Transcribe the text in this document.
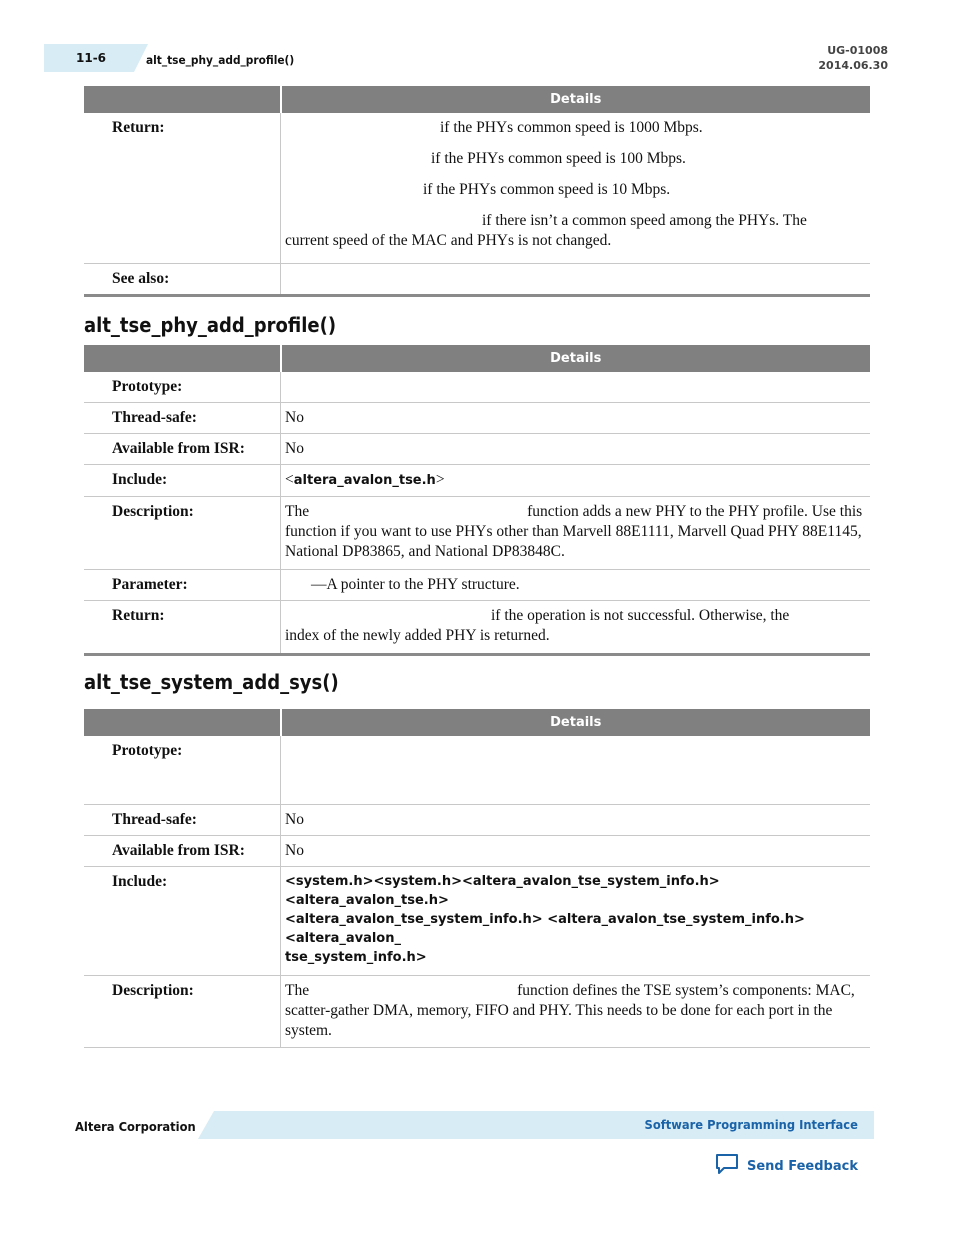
11-6	alt_tse_phy_add_profile()
UG-01008
2014.06.30
	Details
Return:	if the PHYs common speed is 1000 Mbps.
if the PHYs common speed is 100 Mbps.
if the PHYs common speed is 10 Mbps.
if there isn’t a common speed among the PHYs. The
current speed of the MAC and PHYs is not changed.

See also:	
alt_tse_phy_add_profile()
	Details
Prototype:	
Thread-safe:	No
Available from ISR:	No
Include:	<altera_avalon_tse.h>
Description:	The function adds a new PHY to the PHY profile. Use this function if you want to use PHYs other than Marvell 88E1111, Marvell Quad PHY 88E1145, National DP83865, and National DP83848C.
Parameter:	—A pointer to the PHY structure.
Return:	if the operation is not successful. Otherwise, the
index of the newly added PHY is returned.
alt_tse_system_add_sys()
	Details
Prototype:	
Thread-safe:	No
Available from ISR:	No
Include:	<system.h><system.h><altera_avalon_tse_system_info.h> <altera_avalon_tse.h>
<altera_avalon_tse_system_info.h> <altera_avalon_tse_system_info.h><altera_avalon_
tse_system_info.h>

Description:	The function defines the TSE system’s components: MAC, scatter-gather DMA, memory, FIFO and PHY. This needs to be done for each port in the system.
Altera Corporation	Software Programming Interface
Send Feedback
